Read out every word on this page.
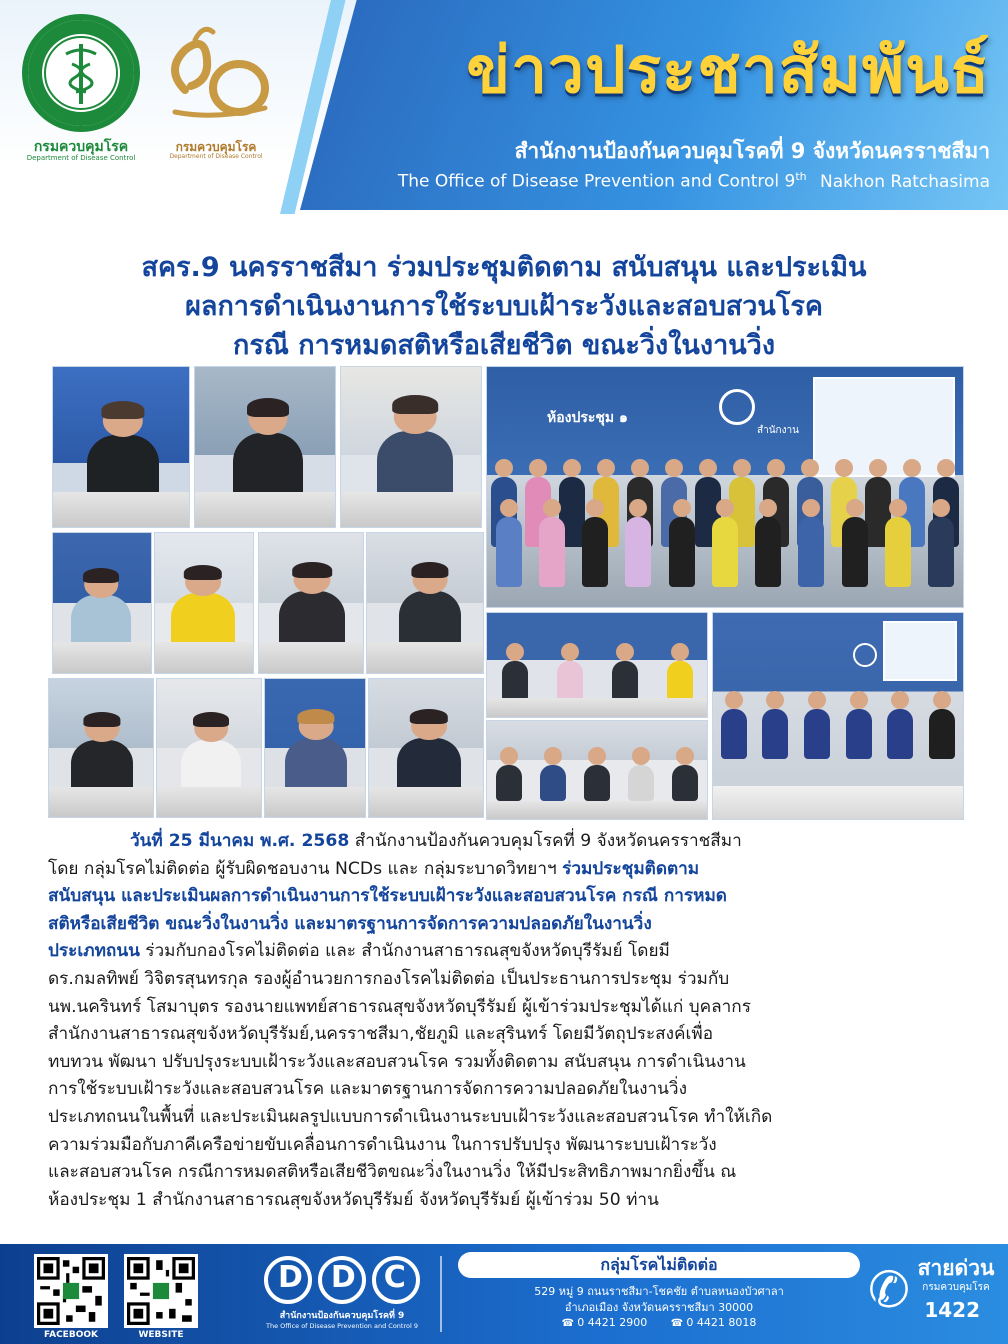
กรมควบคุมโรค
Department of Disease Control
กรมควบคุมโรค
Department of Disease Control
ข่าวประชาสัมพันธ์
สำนักงานป้องกันควบคุมโรคที่ 9 จังหวัดนครราชสีมา
The Office of Disease Prevention and Control 9th Nakhon Ratchasima
สคร.9 นครราชสีมา ร่วมประชุมติดตาม สนับสนุน และประเมิน
ผลการดำเนินงานการใช้ระบบเฝ้าระวังและสอบสวนโรค
กรณี การหมดสติหรือเสียชีวิต ขณะวิ่งในงานวิ่ง
ห้องประชุม ๑
สำนักงาน
วันที่ 25 มีนาคม พ.ศ. 2568 สำนักงานป้องกันควบคุมโรคที่ 9 จังหวัดนครราชสีมา
โดย กลุ่มโรคไม่ติดต่อ ผู้รับผิดชอบงาน NCDs และ กลุ่มระบาดวิทยาฯ ร่วมประชุมติดตาม
สนับสนุน และประเมินผลการดำเนินงานการใช้ระบบเฝ้าระวังและสอบสวนโรค กรณี การหมด
สติหรือเสียชีวิต ขณะวิ่งในงานวิ่ง และมาตรฐานการจัดการความปลอดภัยในงานวิ่ง
ประเภทถนน ร่วมกับกองโรคไม่ติดต่อ และ สำนักงานสาธารณสุขจังหวัดบุรีรัมย์ โดยมี
ดร.กมลทิพย์ วิจิตรสุนทรกุล รองผู้อำนวยการกองโรคไม่ติดต่อ เป็นประธานการประชุม ร่วมกับ
นพ.นครินทร์ โสมาบุตร รองนายแพทย์สาธารณสุขจังหวัดบุรีรัมย์ ผู้เข้าร่วมประชุมได้แก่ บุคลากร
สำนักงานสาธารณสุขจังหวัดบุรีรัมย์,นครราชสีมา,ชัยภูมิ และสุรินทร์ โดยมีวัตถุประสงค์เพื่อ
ทบทวน พัฒนา ปรับปรุงระบบเฝ้าระวังและสอบสวนโรค รวมทั้งติดตาม สนับสนุน การดำเนินงาน
การใช้ระบบเฝ้าระวังและสอบสวนโรค และมาตรฐานการจัดการความปลอดภัยในงานวิ่ง
ประเภทถนนในพื้นที่ และประเมินผลรูปแบบการดำเนินงานระบบเฝ้าระวังและสอบสวนโรค ทำให้เกิด
ความร่วมมือกับภาคีเครือข่ายขับเคลื่อนการดำเนินงาน ในการปรับปรุง พัฒนาระบบเฝ้าระวัง
และสอบสวนโรค กรณีการหมดสติหรือเสียชีวิตขณะวิ่งในงานวิ่ง ให้มีประสิทธิภาพมากยิ่งขึ้น ณ
ห้องประชุม 1 สำนักงานสาธารณสุขจังหวัดบุรีรัมย์ จังหวัดบุรีรัมย์ ผู้เข้าร่วม 50 ท่าน
FACEBOOK	WEBSITE
DDC
สำนักงานป้องกันควบคุมโรคที่ 9
The Office of Disease Prevention and Control 9
กลุ่มโรคไม่ติดต่อ
529 หมู่ 9 ถนนราชสีมา-โชคชัย ตำบลหนองบัวศาลา
อำเภอเมือง จังหวัดนครราชสีมา 30000
☎ 0 4421 2900 ☎	0 4421 8018
✆ สายด่วน
กรมควบคุมโรค
1422
